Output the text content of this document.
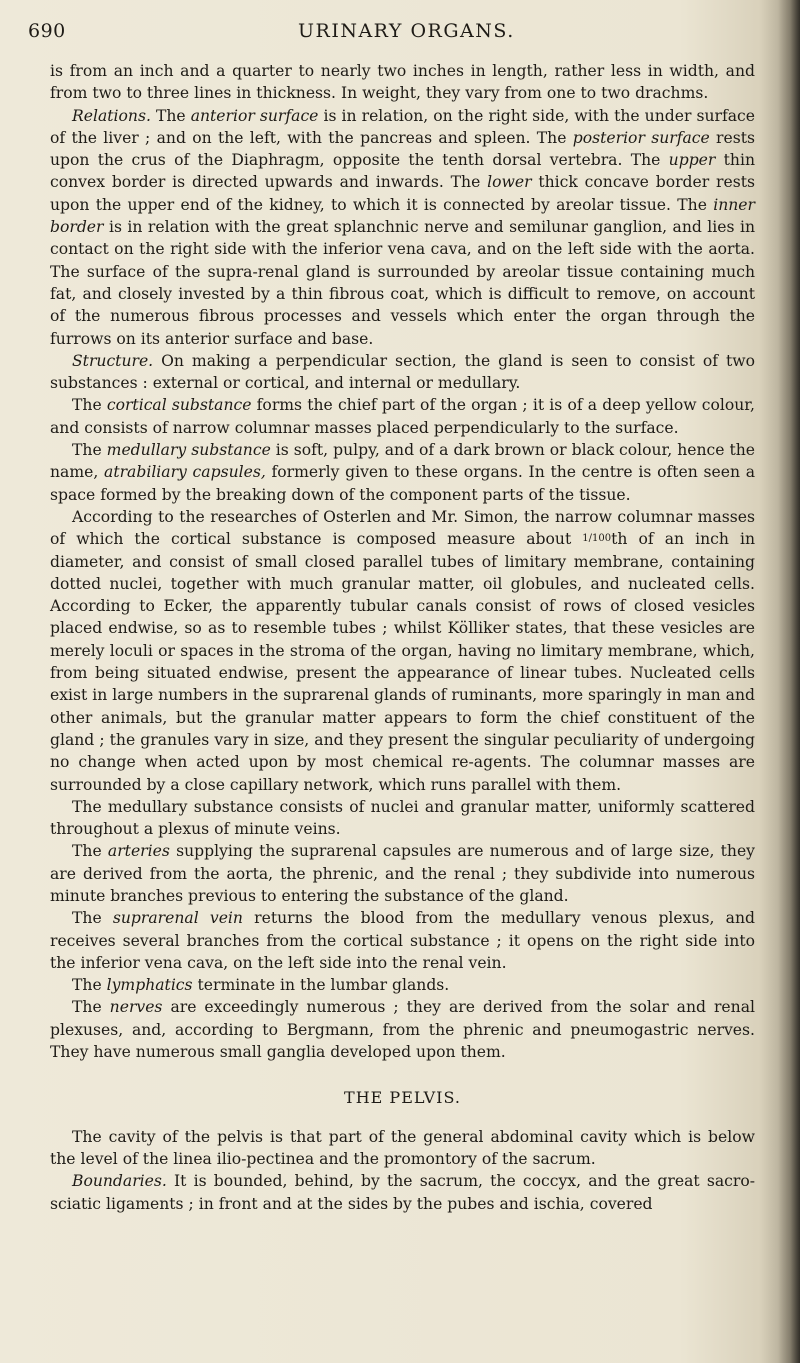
690	URINARY ORGANS.

is from an inch and a quarter to nearly two inches in length, rather less in width, and from two to three lines in thickness. In weight, they vary from one to two drachms.

Relations. The anterior surface is in relation, on the right side, with the under surface of the liver ; and on the left, with the pancreas and spleen. The posterior surface rests upon the crus of the Diaphragm, opposite the tenth dorsal vertebra. The upper thin convex border is directed upwards and inwards. The lower thick concave border rests upon the upper end of the kidney, to which it is connected by areolar tissue. The inner border is in relation with the great splanchnic nerve and semilunar ganglion, and lies in contact on the right side with the inferior vena cava, and on the left side with the aorta. The surface of the supra-renal gland is surrounded by areolar tissue containing much fat, and closely invested by a thin fibrous coat, which is difficult to remove, on account of the numerous fibrous processes and vessels which enter the organ through the furrows on its anterior surface and base.

Structure. On making a perpendicular section, the gland is seen to consist of two substances : external or cortical, and internal or medullary.

The cortical substance forms the chief part of the organ ; it is of a deep yellow colour, and consists of narrow columnar masses placed perpendicularly to the surface.

The medullary substance is soft, pulpy, and of a dark brown or black colour, hence the name, atrabiliary capsules, formerly given to these organs. In the centre is often seen a space formed by the breaking down of the component parts of the tissue.

According to the researches of Osterlen and Mr. Simon, the narrow columnar masses of which the cortical substance is composed measure about 1/100th of an inch in diameter, and consist of small closed parallel tubes of limitary membrane, containing dotted nuclei, together with much granular matter, oil globules, and nucleated cells. According to Ecker, the apparently tubular canals consist of rows of closed vesicles placed endwise, so as to resemble tubes ; whilst Kölliker states, that these vesicles are merely loculi or spaces in the stroma of the organ, having no limitary membrane, which, from being situated endwise, present the appearance of linear tubes. Nucleated cells exist in large numbers in the suprarenal glands of ruminants, more sparingly in man and other animals, but the granular matter appears to form the chief constituent of the gland ; the granules vary in size, and they present the singular peculiarity of undergoing no change when acted upon by most chemical re-agents. The columnar masses are surrounded by a close capillary network, which runs parallel with them.

The medullary substance consists of nuclei and granular matter, uniformly scattered throughout a plexus of minute veins.

The arteries supplying the suprarenal capsules are numerous and of large size, they are derived from the aorta, the phrenic, and the renal ; they subdivide into numerous minute branches previous to entering the substance of the gland.

The suprarenal vein returns the blood from the medullary venous plexus, and receives several branches from the cortical substance ; it opens on the right side into the inferior vena cava, on the left side into the renal vein.

The lymphatics terminate in the lumbar glands.

The nerves are exceedingly numerous ; they are derived from the solar and renal plexuses, and, according to Bergmann, from the phrenic and pneumogastric nerves. They have numerous small ganglia developed upon them.

THE PELVIS.

The cavity of the pelvis is that part of the general abdominal cavity which is below the level of the linea ilio-pectinea and the promontory of the sacrum.

Boundaries. It is bounded, behind, by the sacrum, the coccyx, and the great sacro-sciatic ligaments ; in front and at the sides by the pubes and ischia, covered
